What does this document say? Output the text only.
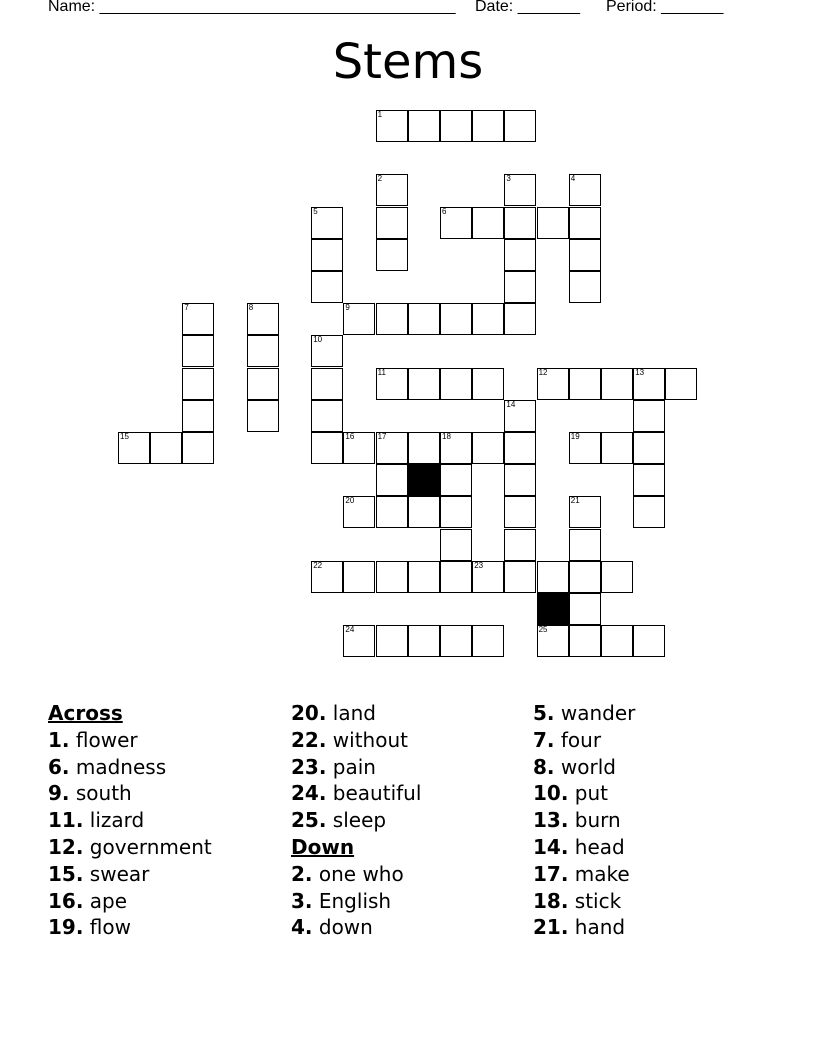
Name: ________________________________________ Date: _______ Period: _______
Stems
1
6
9
11	12	13
15	16	17	18	19
20
22	23
24	25
2	3	4
5
7	8
10
14
21
Across
1. flower
6. madness
9. south
11. lizard
12. government
15. swear
16. ape
19. flow
20. land
22. without
23. pain
24. beautiful
25. sleep
Down
2. one who
3. English
4. down
5. wander
7. four
8. world
10. put
13. burn
14. head
17. make
18. stick
21. hand
